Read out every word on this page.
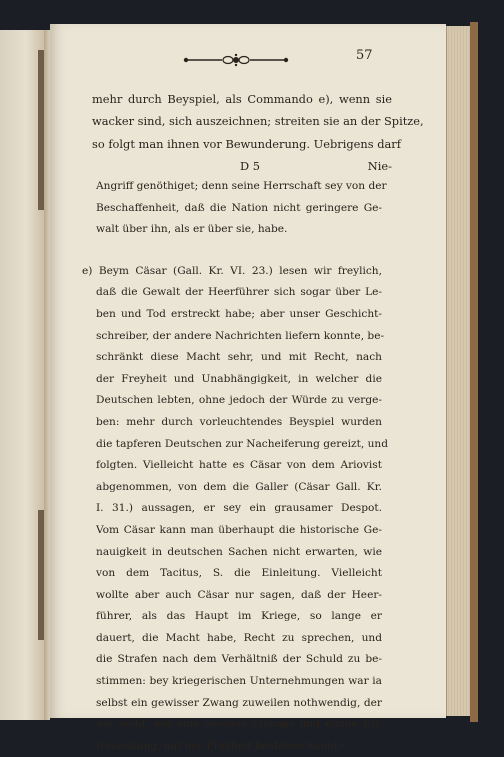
57
mehr durch Beyspiel, als Commando e), wenn sie
wacker sind, sich auszeichnen; streiten sie an der Spitze,
so folgt man ihnen vor Bewunderung. Uebrigens darf
D 5	Nie-
Angriff genöthiget; denn seine Herrschaft sey von der
Beschaffenheit, daß die Nation nicht geringere Ge-
walt über ihn, als er über sie, habe.
e) Beym Cäsar (Gall. Kr. VI. 23.) lesen wir freylich,
daß die Gewalt der Heerführer sich sogar über Le-
ben und Tod erstreckt habe; aber unser Geschicht-
schreiber, der andere Nachrichten liefern konnte, be-
schränkt diese Macht sehr, und mit Recht, nach
der Freyheit und Unabhängigkeit, in welcher die
Deutschen lebten, ohne jedoch der Würde zu verge-
ben: mehr durch vorleuchtendes Beyspiel wurden
die tapferen Deutschen zur Nacheiferung gereizt, und
folgten. Vielleicht hatte es Cäsar von dem Ariovist
abgenommen, von dem die Galler (Cäsar Gall. Kr.
I. 31.) aussagen, er sey ein grausamer Despot.
Vom Cäsar kann man überhaupt die historische Ge-
nauigkeit in deutschen Sachen nicht erwarten, wie
von dem Tacitus, S. die Einleitung. Vielleicht
wollte aber auch Cäsar nur sagen, daß der Heer-
führer, als das Haupt im Kriege, so lange er
dauert, die Macht habe, Recht zu sprechen, und
die Strafen nach dem Verhältniß der Schuld zu be-
stimmen: bey kriegerischen Unternehmungen war ia
selbst ein gewisser Zwang zuweilen nothwendig, der
gar wohl, wie eine gewisse Strenge und einige Un-
terordnung, mit der Freyheit bestehen konnte.
